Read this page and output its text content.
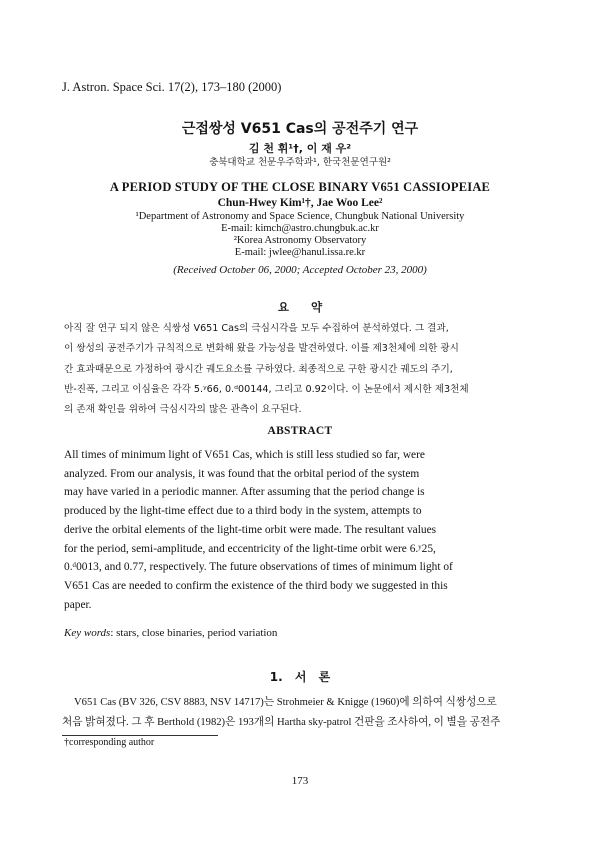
J. Astron. Space Sci. 17(2), 173–180 (2000)
근접쌍성 V651 Cas의 공전주기 연구
김 천 휘¹†, 이 재 우²
충북대학교 천문우주학과¹, 한국천문연구원²
A PERIOD STUDY OF THE CLOSE BINARY V651 CASSIOPEIAE
Chun-Hwey Kim¹†, Jae Woo Lee²
¹Department of Astronomy and Space Science, Chungbuk National University
E-mail: kimch@astro.chungbuk.ac.kr
²Korea Astronomy Observatory
E-mail: jwlee@hanul.issa.re.kr
(Received October 06, 2000; Accepted October 23, 2000)
요 약
아직 잘 연구 되지 않은 식쌍성 V651 Cas의 극심시각을 모두 수집하여 분석하였다. 그 결과,
이 쌍성의 공전주기가 규칙적으로 변화해 왔을 가능성을 발견하였다. 이를 제3천체에 의한 광시
간 효과때문으로 가정하여 광시간 궤도요소를 구하였다. 최종적으로 구한 광시간 궤도의 주기,
반-진폭, 그리고 이심율은 각각 5.ʸ66, 0.ᵈ00144, 그리고 0.92이다. 이 논문에서 제시한 제3천체
의 존재 확인을 위하여 극심시각의 많은 관측이 요구된다.
ABSTRACT
All times of minimum light of V651 Cas, which is still less studied so far, were
analyzed. From our analysis, it was found that the orbital period of the system
may have varied in a periodic manner. After assuming that the period change is
produced by the light-time effect due to a third body in the system, attempts to
derive the orbital elements of the light-time orbit were made. The resultant values
for the period, semi-amplitude, and eccentricity of the light-time orbit were 6.ʸ25,
0.ᵈ0013, and 0.77, respectively. The future observations of times of minimum light of
V651 Cas are needed to confirm the existence of the third body we suggested in this
paper.
Key words: stars, close binaries, period variation
1. 서 론
V651 Cas (BV 326, CSV 8883, NSV 14717)는 Strohmeier & Knigge (1960)에 의하여 식쌍성으로
처음 밝혀졌다. 그 후 Berthold (1982)은 193개의 Hartha sky-patrol 건판을 조사하여, 이 별을 공전주
†corresponding author
173
